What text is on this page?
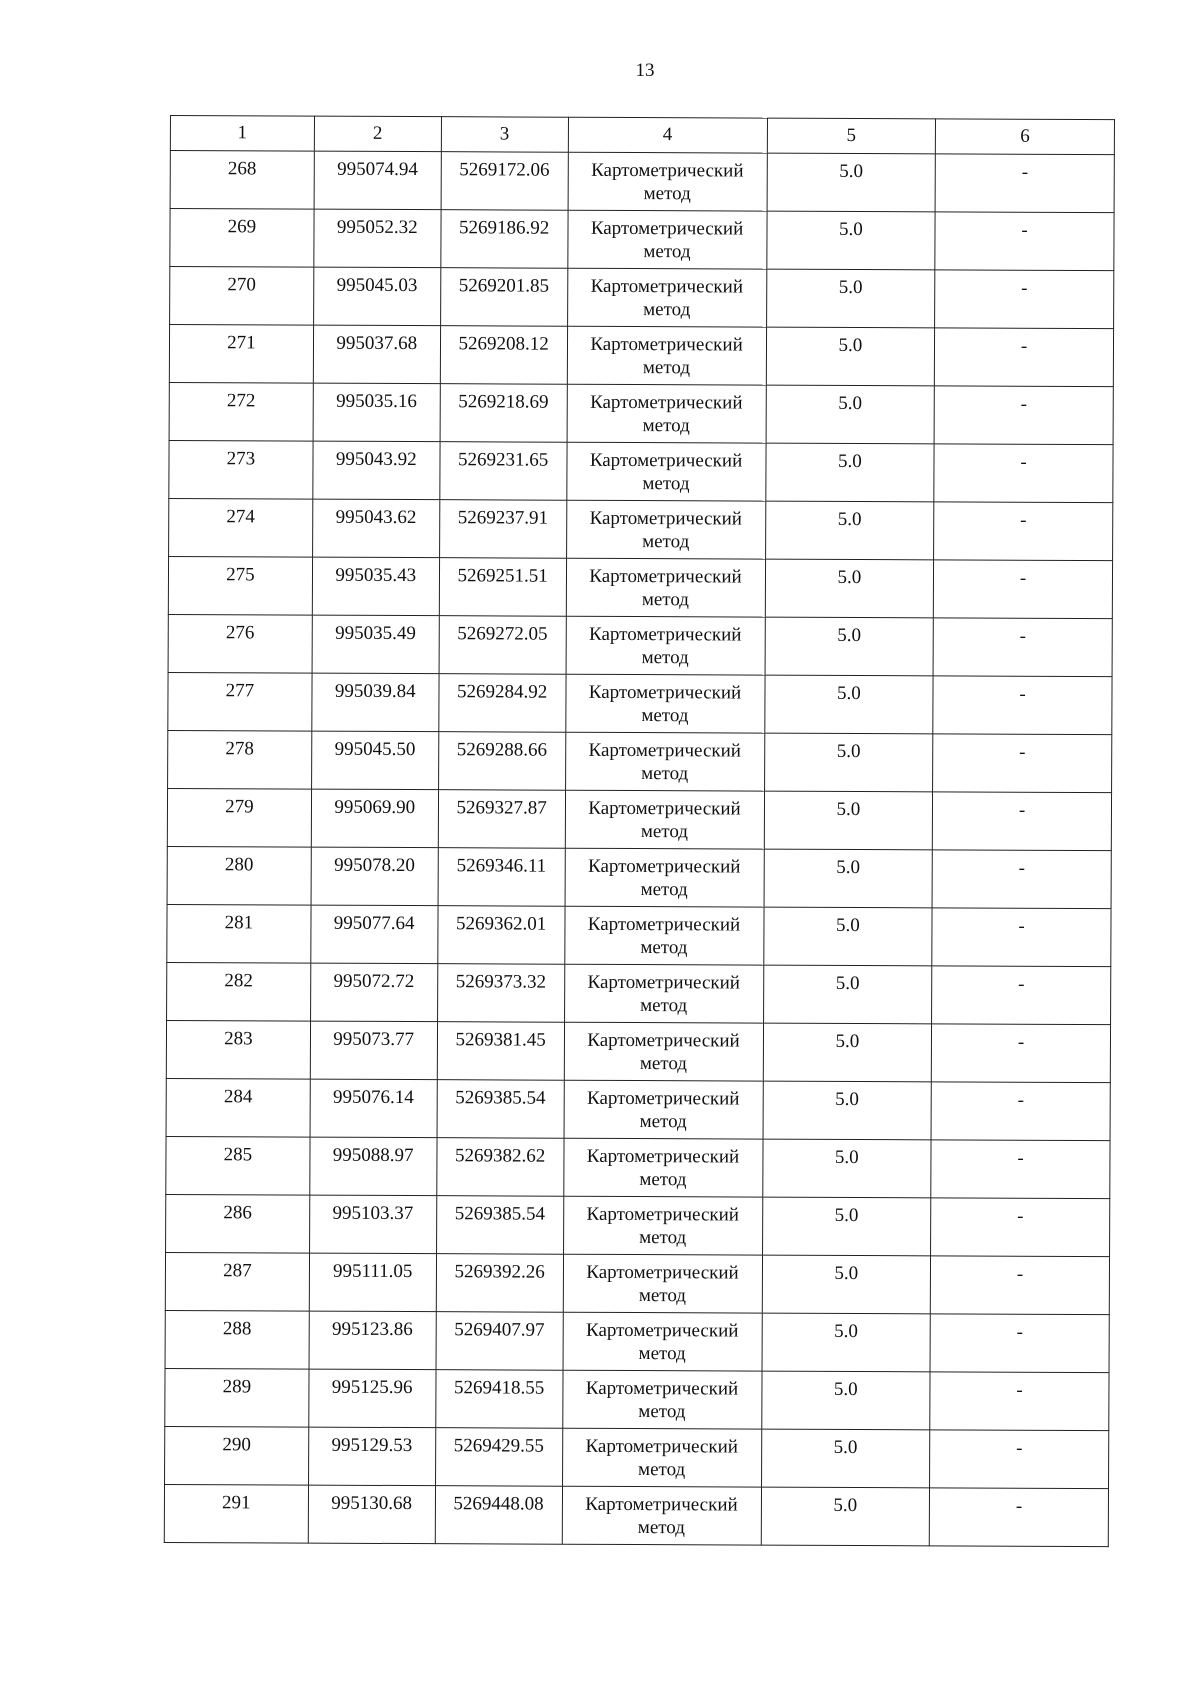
13
1	2	3	4	5	6
268	995074.94	5269172.06	Картометрический метод	5.0	-
269	995052.32	5269186.92	Картометрический метод	5.0	-
270	995045.03	5269201.85	Картометрический метод	5.0	-
271	995037.68	5269208.12	Картометрический метод	5.0	-
272	995035.16	5269218.69	Картометрический метод	5.0	-
273	995043.92	5269231.65	Картометрический метод	5.0	-
274	995043.62	5269237.91	Картометрический метод	5.0	-
275	995035.43	5269251.51	Картометрический метод	5.0	-
276	995035.49	5269272.05	Картометрический метод	5.0	-
277	995039.84	5269284.92	Картометрический метод	5.0	-
278	995045.50	5269288.66	Картометрический метод	5.0	-
279	995069.90	5269327.87	Картометрический метод	5.0	-
280	995078.20	5269346.11	Картометрический метод	5.0	-
281	995077.64	5269362.01	Картометрический метод	5.0	-
282	995072.72	5269373.32	Картометрический метод	5.0	-
283	995073.77	5269381.45	Картометрический метод	5.0	-
284	995076.14	5269385.54	Картометрический метод	5.0	-
285	995088.97	5269382.62	Картометрический метод	5.0	-
286	995103.37	5269385.54	Картометрический метод	5.0	-
287	995111.05	5269392.26	Картометрический метод	5.0	-
288	995123.86	5269407.97	Картометрический метод	5.0	-
289	995125.96	5269418.55	Картометрический метод	5.0	-
290	995129.53	5269429.55	Картометрический метод	5.0	-
291	995130.68	5269448.08	Картометрический метод	5.0	-
